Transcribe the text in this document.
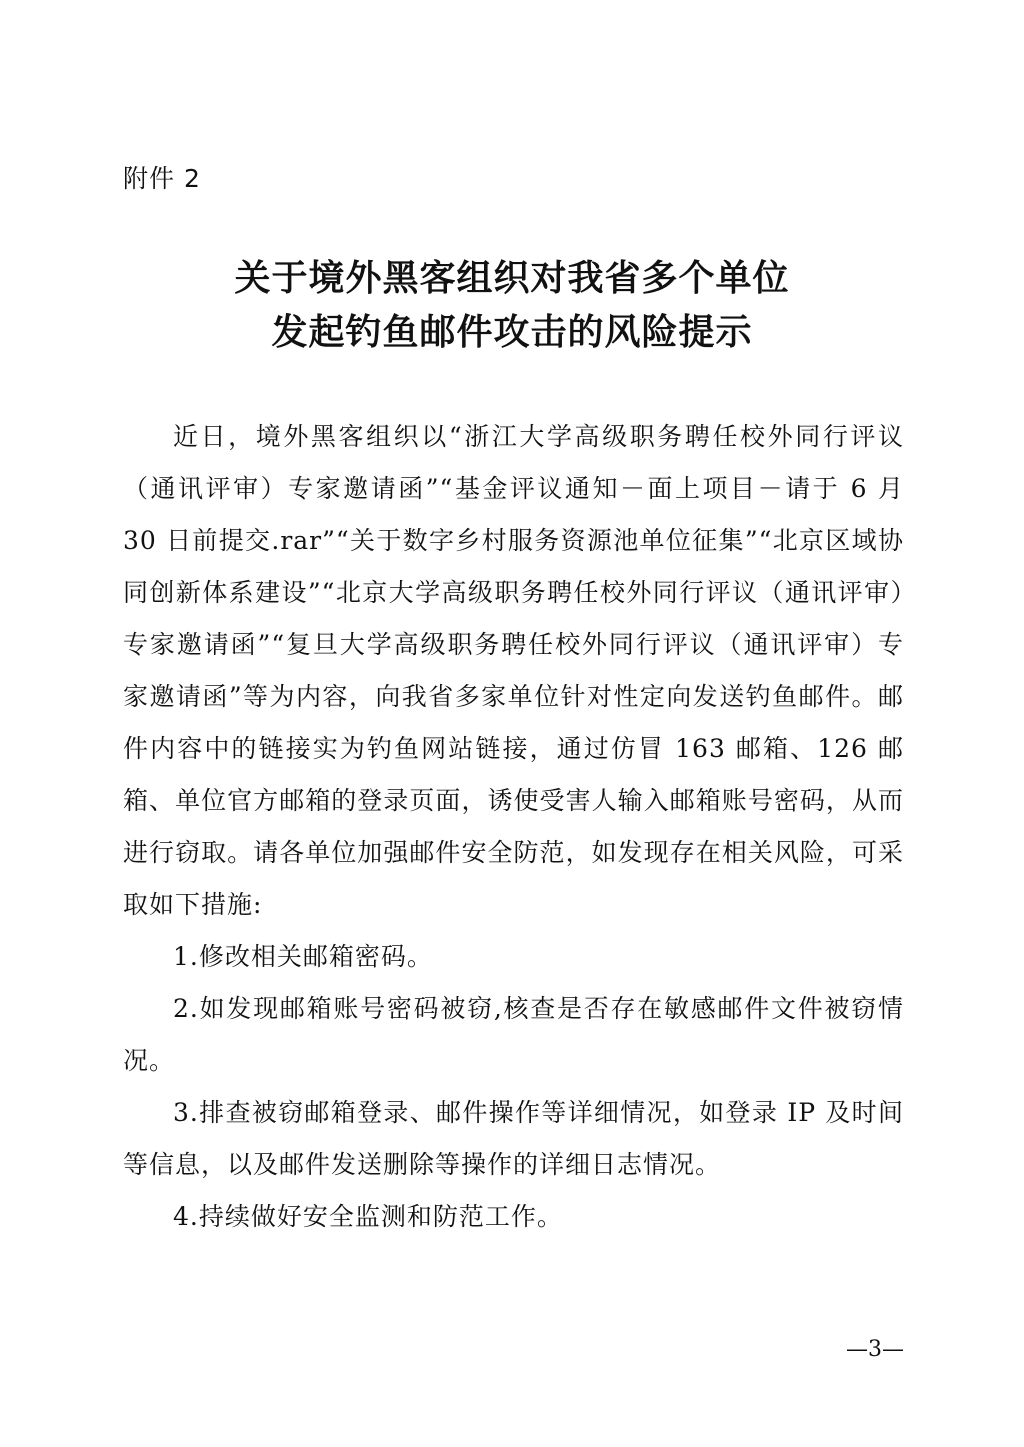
附件 2
关于境外黑客组织对我省多个单位
发起钓鱼邮件攻击的风险提示

近日，境外黑客组织以“浙江大学高级职务聘任校外同行评议（通讯评审）专家邀请函”“基金评议通知－面上项目－请于 6 月 30 日前提交.rar”“关于数字乡村服务资源池单位征集”“北京区域协同创新体系建设”“北京大学高级职务聘任校外同行评议（通讯评审）专家邀请函”“复旦大学高级职务聘任校外同行评议（通讯评审）专家邀请函”等为内容，向我省多家单位针对性定向发送钓鱼邮件。邮件内容中的链接实为钓鱼网站链接，通过仿冒 163 邮箱、126 邮箱、单位官方邮箱的登录页面，诱使受害人输入邮箱账号密码，从而进行窃取。请各单位加强邮件安全防范，如发现存在相关风险，可采取如下措施:

1.修改相关邮箱密码。

2.如发现邮箱账号密码被窃,核查是否存在敏感邮件文件被窃情况。

3.排查被窃邮箱登录、邮件操作等详细情况，如登录 IP 及时间等信息，以及邮件发送删除等操作的详细日志情况。

4.持续做好安全监测和防范工作。

—3—
